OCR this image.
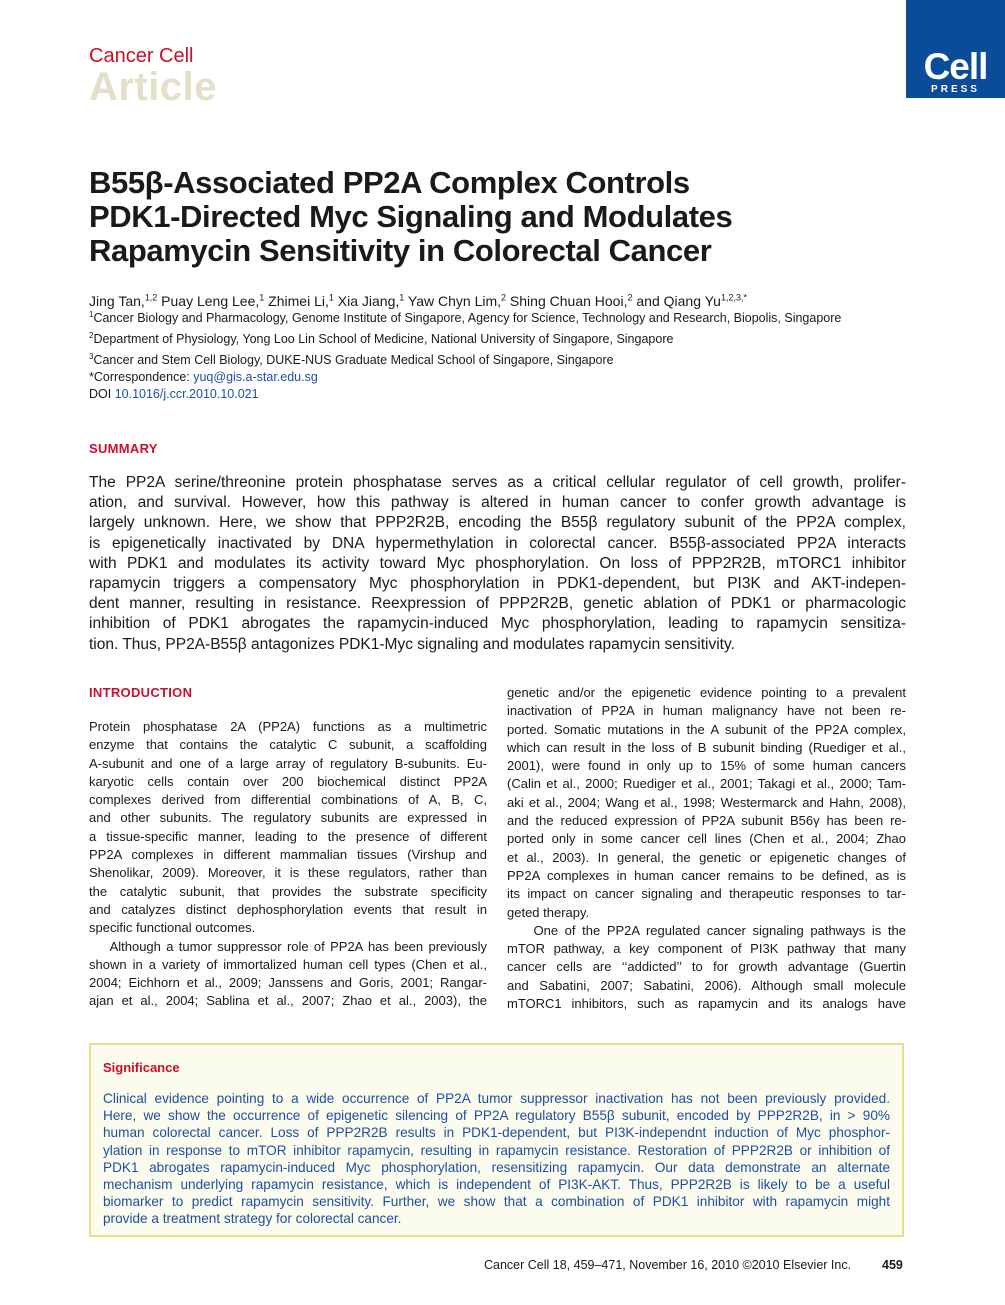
Cancer Cell
Article	Cell
PRESS
B55β-Associated PP2A Complex Controls
PDK1-Directed Myc Signaling and Modulates
Rapamycin Sensitivity in Colorectal Cancer
Jing Tan,$^{1,2}$ Puay Leng Lee,$^1$ Zhimei Li,$^1$ Xia Jiang,$^1$ Yaw Chyn Lim,$^2$ Shing Chuan Hooi,$^2$ and Qiang $Yu^{1,2,3,*}$
$^1$Cancer Biology and Pharmacology, Genome Institute of Singapore, Agency for Science, Technology and Research, Biopolis, Singapore
$^2$Department of Physiology, Yong Loo Lin School of Medicine, National University of Singapore, Singapore
$^3$Cancer and Stem Cell Biology, DUKE-NUS Graduate Medical School of Singapore, Singapore
*Correspondence: yuq@gis.a-star.edu.sg
DOI 10.1016/j.ccr.2010.10.021
SUMMARY
The PP2A serine/threonine protein phosphatase serves as a critical cellular regulator of cell growth, prolifer-
ation, and survival. However, how this pathway is altered in human cancer to confer growth advantage is
largely unknown. Here, we show that PPP2R2B, encoding the B55β regulatory subunit of the PP2A complex,
is epigenetically inactivated by DNA hypermethylation in colorectal cancer. B55β-associated PP2A interacts
with PDK1 and modulates its activity toward Myc phosphorylation. On loss of PPP2R2B, mTORC1 inhibitor
rapamycin triggers a compensatory Myc phosphorylation in PDK1-dependent, but PI3K and AKT-indepen-
dent manner, resulting in resistance. Reexpression of PPP2R2B, genetic ablation of PDK1 or pharmacologic
inhibition of PDK1 abrogates the rapamycin-induced Myc phosphorylation, leading to rapamycin sensitiza-
tion. Thus, PP2A-B55β antagonizes PDK1-Myc signaling and modulates rapamycin sensitivity.
INTRODUCTION
Protein phosphatase 2A (PP2A) functions as a multimetric
enzyme that contains the catalytic C subunit, a scaffolding
A-subunit and one of a large array of regulatory B-subunits. Eu-
karyotic cells contain over 200 biochemical distinct PP2A
complexes derived from differential combinations of A, B, C,
and other subunits. The regulatory subunits are expressed in
a tissue-specific manner, leading to the presence of different
PP2A complexes in different mammalian tissues (Virshup and
Shenolikar, 2009). Moreover, it is these regulators, rather than
the catalytic subunit, that provides the substrate specificity
and catalyzes distinct dephosphorylation events that result in
specific functional outcomes.
Although a tumor suppressor role of PP2A has been previously
shown in a variety of immortalized human cell types (Chen et al.,
2004; Eichhorn et al., 2009; Janssens and Goris, 2001; Rangar-
ajan et al., 2004; Sablina et al., 2007; Zhao et al., 2003), the
genetic and/or the epigenetic evidence pointing to a prevalent
inactivation of PP2A in human malignancy have not been re-
ported. Somatic mutations in the A subunit of the PP2A complex,
which can result in the loss of B subunit binding (Ruediger et al.,
2001), were found in only up to 15% of some human cancers
(Calin et al., 2000; Ruediger et al., 2001; Takagi et al., 2000; Tam-
aki et al., 2004; Wang et al., 1998; Westermarck and Hahn, 2008),
and the reduced expression of PP2A subunit B56γ has been re-
ported only in some cancer cell lines (Chen et al., 2004; Zhao
et al., 2003). In general, the genetic or epigenetic changes of
PP2A complexes in human cancer remains to be defined, as is
its impact on cancer signaling and therapeutic responses to tar-
geted therapy.
One of the PP2A regulated cancer signaling pathways is the
mTOR pathway, a key component of PI3K pathway that many
cancer cells are ‘‘addicted’’ to for growth advantage (Guertin
and Sabatini, 2007; Sabatini, 2006). Although small molecule
mTORC1 inhibitors, such as rapamycin and its analogs have
Significance
Clinical evidence pointing to a wide occurrence of PP2A tumor suppressor inactivation has not been previously provided.
Here, we show the occurrence of epigenetic silencing of PP2A regulatory B55β subunit, encoded by PPP2R2B, in > 90%
human colorectal cancer. Loss of PPP2R2B results in PDK1-dependent, but PI3K-independnt induction of Myc phosphor-
ylation in response to mTOR inhibitor rapamycin, resulting in rapamycin resistance. Restoration of PPP2R2B or inhibition of
PDK1 abrogates rapamycin-induced Myc phosphorylation, resensitizing rapamycin. Our data demonstrate an alternate
mechanism underlying rapamycin resistance, which is independent of PI3K-AKT. Thus, PPP2R2B is likely to be a useful
biomarker to predict rapamycin sensitivity. Further, we show that a combination of PDK1 inhibitor with rapamycin might
provide a treatment strategy for colorectal cancer.
Cancer Cell 18, 459–471, November 16, 2010 ©2010 Elsevier Inc. 459
